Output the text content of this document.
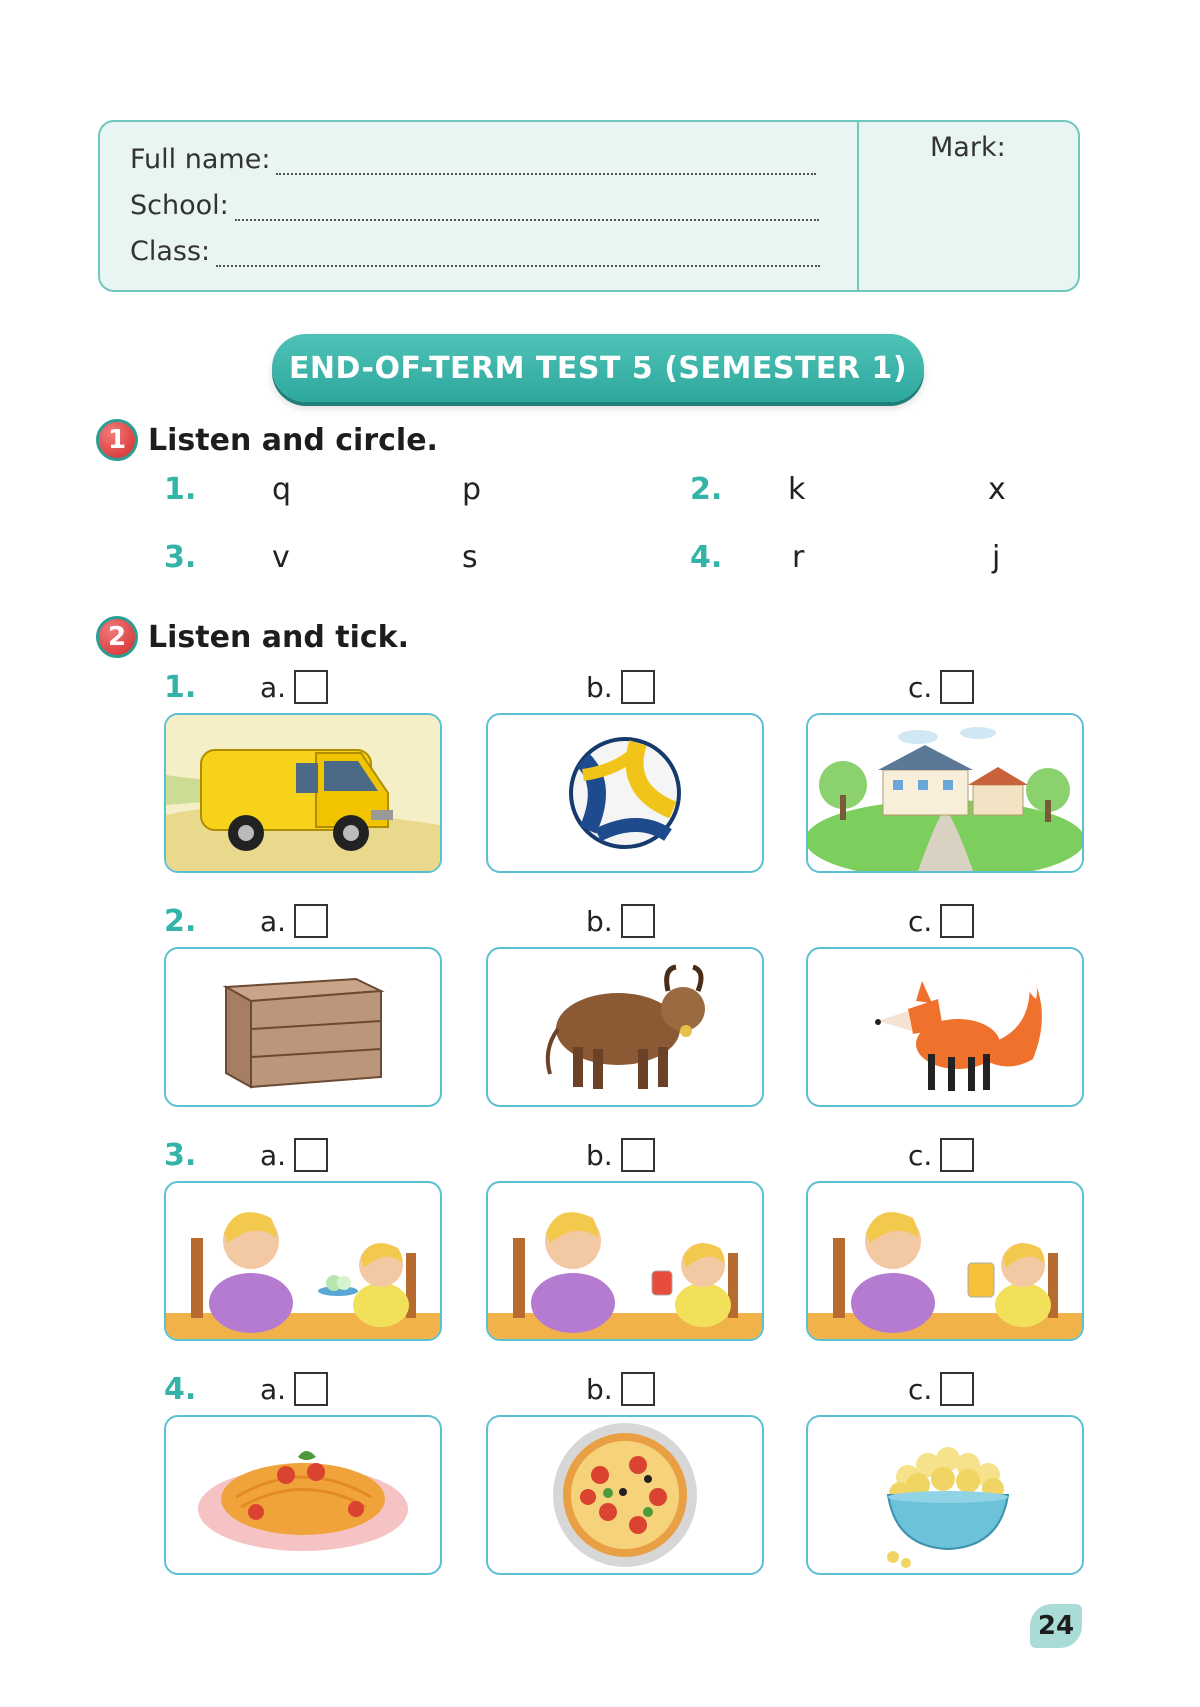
Full name:
School:
Class:
Mark:
END-OF-TERM TEST 5 (SEMESTER 1)
1 Listen and circle.
1.	q	p	2. k	x
3.	v	s	4. r	j
2 Listen and tick.
1. a.	b.	c.
2. a.	b.	c.
3. a.	b.	c.
4. a.	b.	c.
24
